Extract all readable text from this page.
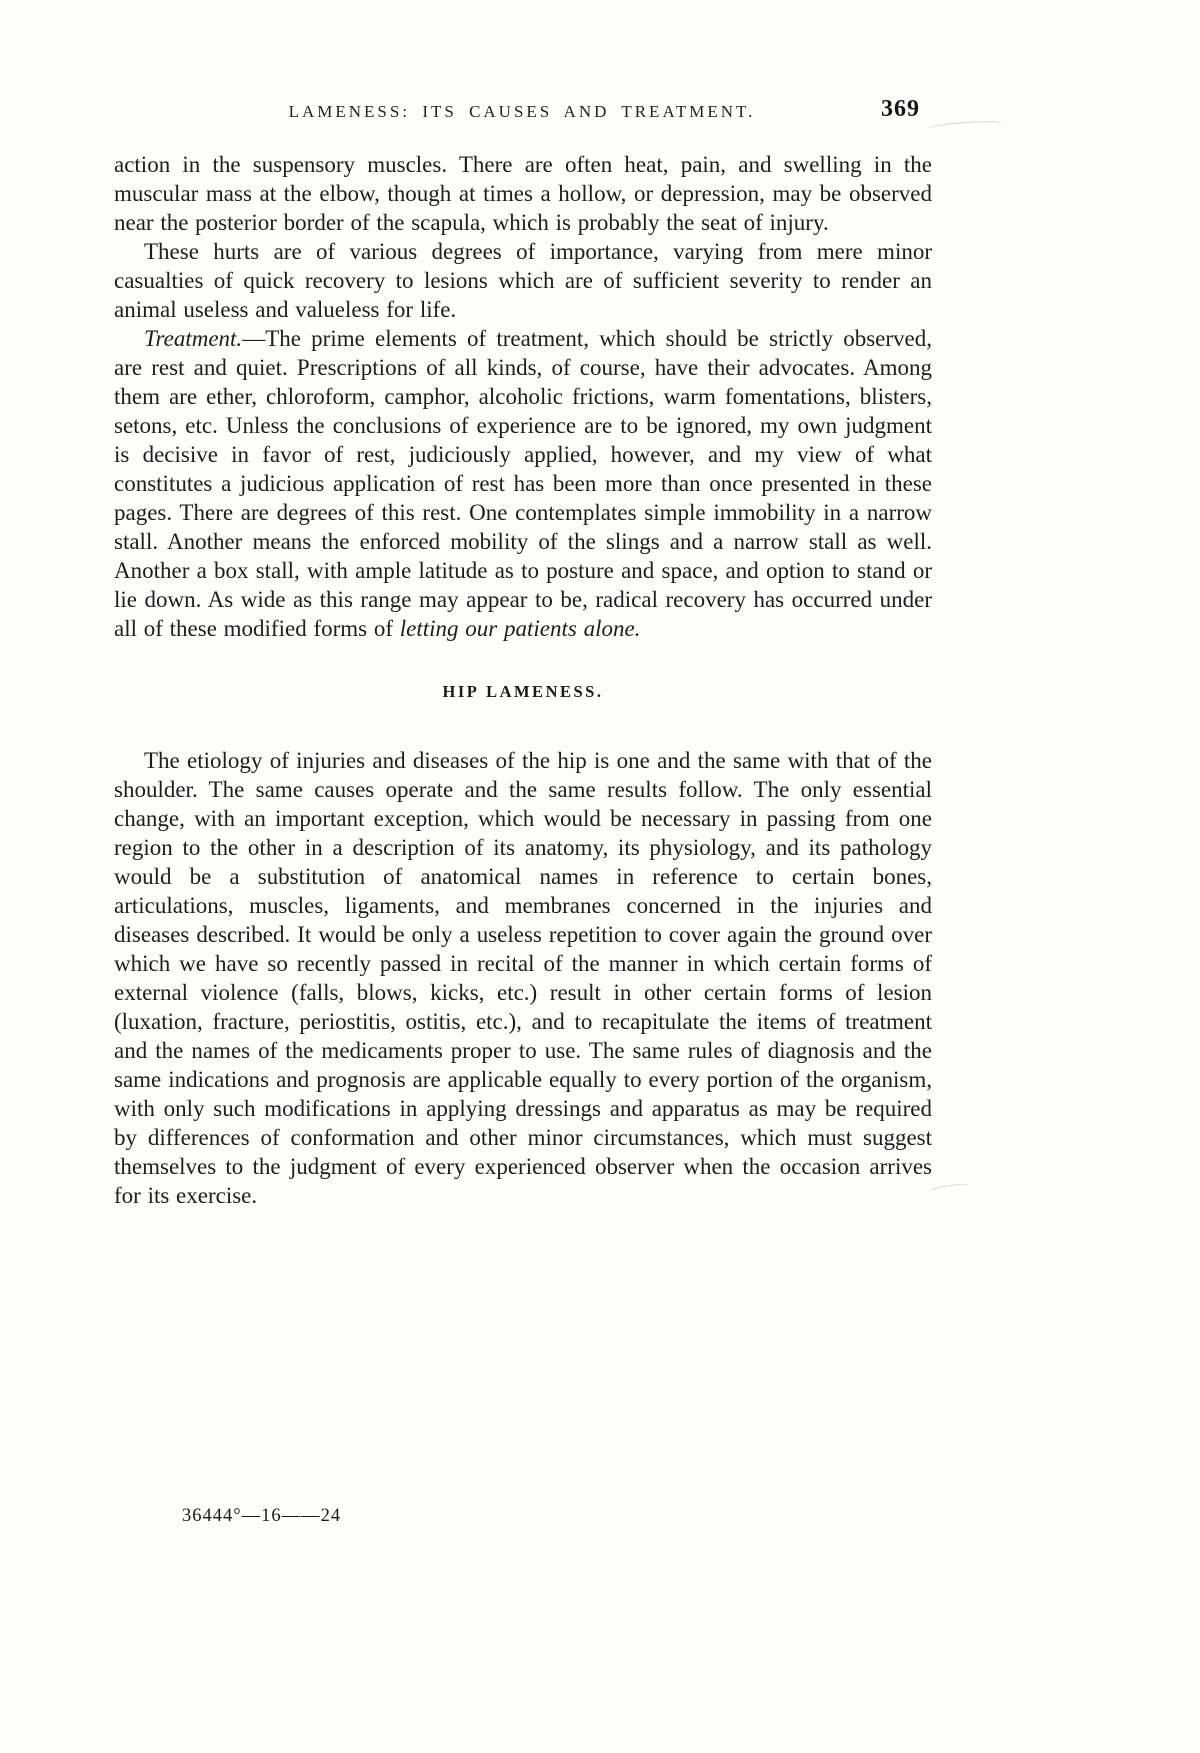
LAMENESS: ITS CAUSES AND TREATMENT.	369

action in the suspensory muscles. There are often heat, pain, and swelling in the muscular mass at the elbow, though at times a hollow, or depression, may be observed near the posterior border of the scapula, which is probably the seat of injury.

These hurts are of various degrees of importance, varying from mere minor casualties of quick recovery to lesions which are of sufficient severity to render an animal useless and valueless for life.

Treatment.—The prime elements of treatment, which should be strictly observed, are rest and quiet. Prescriptions of all kinds, of course, have their advocates. Among them are ether, chloroform, camphor, alcoholic frictions, warm fomentations, blisters, setons, etc. Unless the conclusions of experience are to be ignored, my own judgment is decisive in favor of rest, judiciously applied, however, and my view of what constitutes a judicious application of rest has been more than once presented in these pages. There are degrees of this rest. One contemplates simple immobility in a narrow stall. Another means the enforced mobility of the slings and a narrow stall as well. Another a box stall, with ample latitude as to posture and space, and option to stand or lie down. As wide as this range may appear to be, radical recovery has occurred under all of these modified forms of letting our patients alone.

HIP LAMENESS.

The etiology of injuries and diseases of the hip is one and the same with that of the shoulder. The same causes operate and the same results follow. The only essential change, with an important exception, which would be necessary in passing from one region to the other in a description of its anatomy, its physiology, and its pathology would be a substitution of anatomical names in reference to certain bones, articulations, muscles, ligaments, and membranes concerned in the injuries and diseases described. It would be only a useless repetition to cover again the ground over which we have so recently passed in recital of the manner in which certain forms of external violence (falls, blows, kicks, etc.) result in other certain forms of lesion (luxation, fracture, periostitis, ostitis, etc.), and to recapitulate the items of treatment and the names of the medicaments proper to use. The same rules of diagnosis and the same indications and prognosis are applicable equally to every portion of the organism, with only such modifications in applying dressings and apparatus as may be required by differences of conformation and other minor circumstances, which must suggest themselves to the judgment of every experienced observer when the occasion arrives for its exercise.

36444°—16——24
